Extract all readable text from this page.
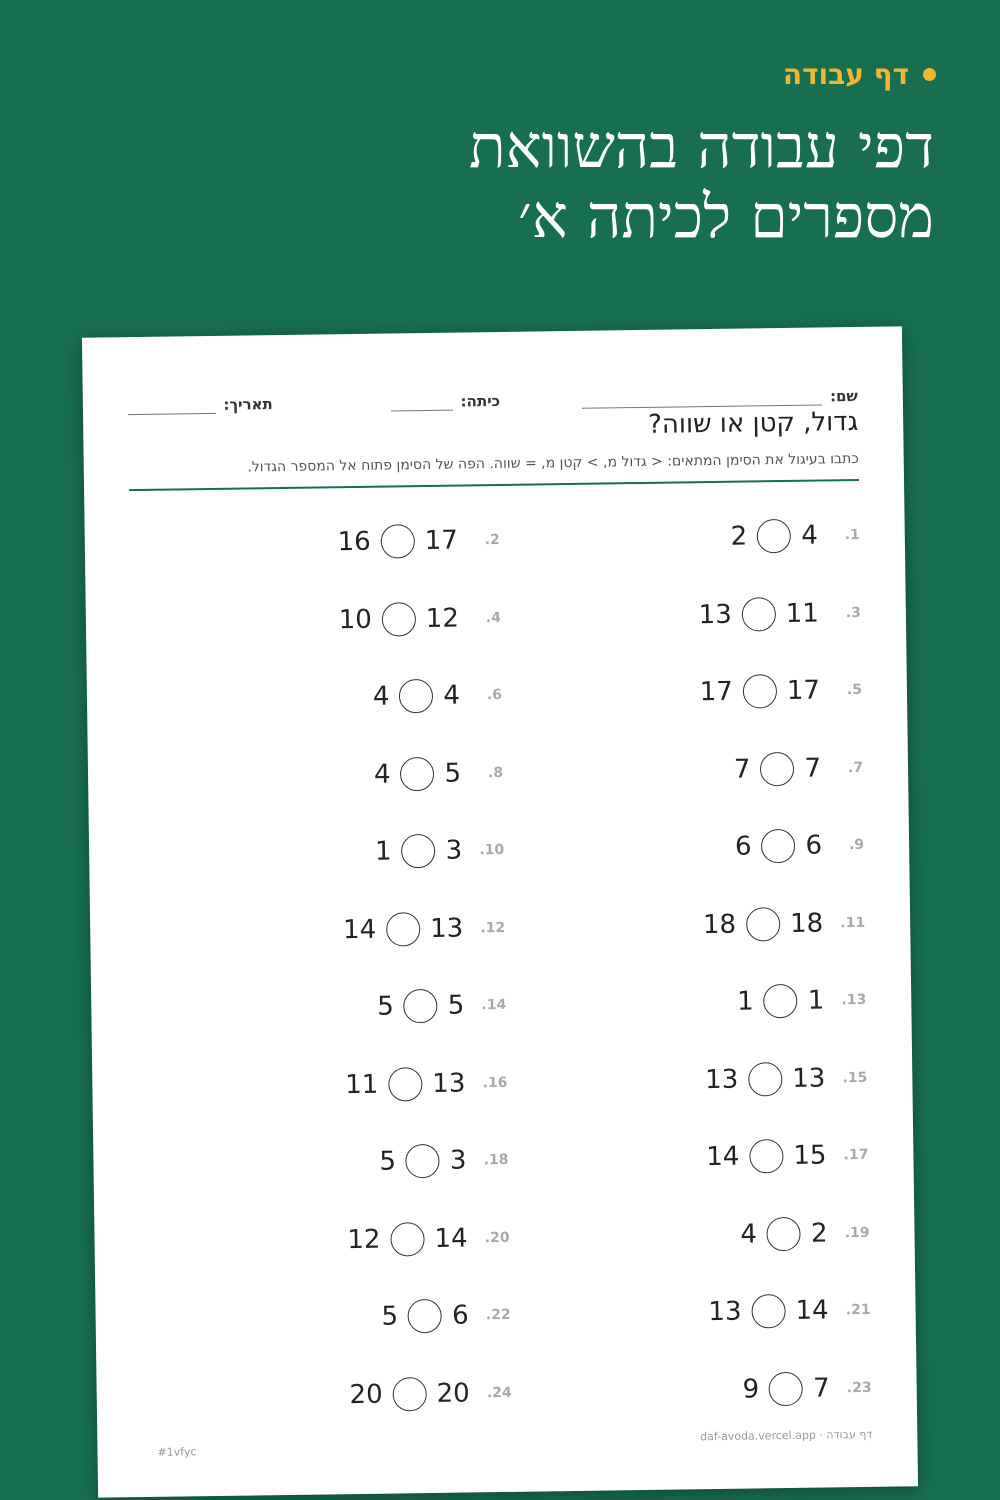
דף עבודה
דפי עבודה בהשוואת
מספרים לכיתה א׳
שם:
כיתה:
תאריך:
גדול, קטן או שווה?
כתבו בעיגול את הסימן המתאים: < גדול מ, > קטן מ, = שווה. הפה של הסימן פתוח אל המספר הגדול.
1.
4
2
2.
17
16
3.
11
13
4.
12
10
5.
17
17
6.
4
4
7.
7
7
8.
5
4
9.
6
6
10.
3
1
11.
18
18
12.
13
14
13.
1
1
14.
5
5
15.
13
13
16.
13
11
17.
15
14
18.
3
5
19.
2
4
20.
14
12
21.
14
13
22.
6
5
23.
7
9
24.
20
20
דף עבודה · daf-avoda.vercel.app
#1vfyc
